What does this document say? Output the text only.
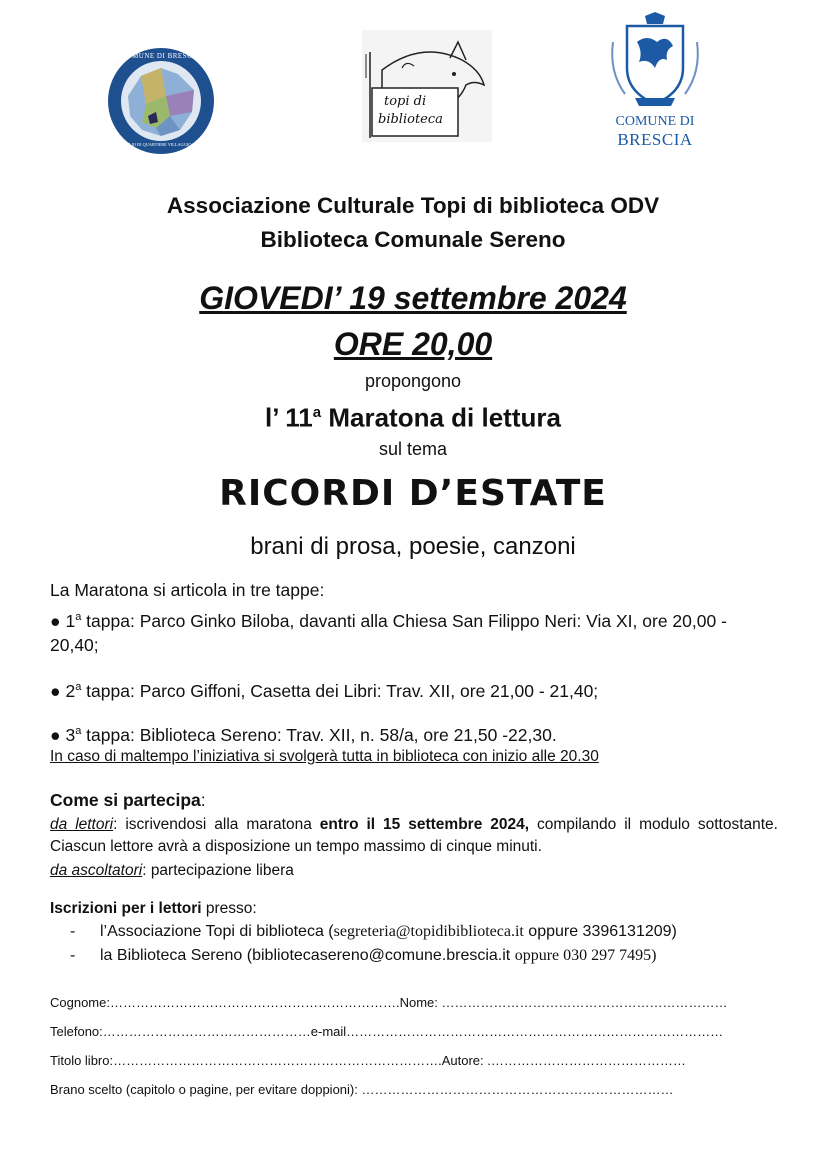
COMUNE DI BRESCIA
CONSIGLIO DI QUARTIERE VILLAGGIO SERENO
topi di
biblioteca	COMUNE DI
BRESCIA
Associazione Culturale Topi di biblioteca ODV
Biblioteca Comunale Sereno
GIOVEDI’ 19 settembre 2024
ORE 20,00
propongono
l’ 11$^a$ Maratona di lettura
sul tema
RICORDI D’ESTATE
brani di prosa, poesie, canzoni
La Maratona si articola in tre tappe:
● 1$^a$ tappa: Parco Ginko Biloba, davanti alla Chiesa San Filippo Neri: Via XI, ore 20,00 - 20,40;
● 2$^a$ tappa: Parco Giffoni, Casetta dei Libri: Trav. XII, ore 21,00 - 21,40;
● 3$^a$ tappa: Biblioteca Sereno: Trav. XII, n. 58/a, ore 21,50 -22,30.
In caso di maltempo l’iniziativa si svolgerà tutta in biblioteca con inizio alle 20.30
Come si partecipa:
da lettori: iscrivendosi alla maratona entro il 15 settembre 2024, compilando il modulo sottostante. Ciascun lettore avrà a disposizione un tempo massimo di cinque minuti.
da ascoltatori: partecipazione libera
Iscrizioni per i lettori presso:
- l’Associazione Topi di biblioteca (segreteria@topidibiblioteca.it oppure 3396131209)
- la Biblioteca Sereno (bibliotecasereno@comune.brescia.it oppure 030 297 7495)
Cognome:………………………………………………………….Nome: …………………………………………………………
Telefono:…………………………………………e-mail……………………………………………………………………………
Titolo libro:………………………………………………………………….Autore: .………………………………………
Brano scelto (capitolo o pagine, per evitare doppioni): ………………………………………………………………
